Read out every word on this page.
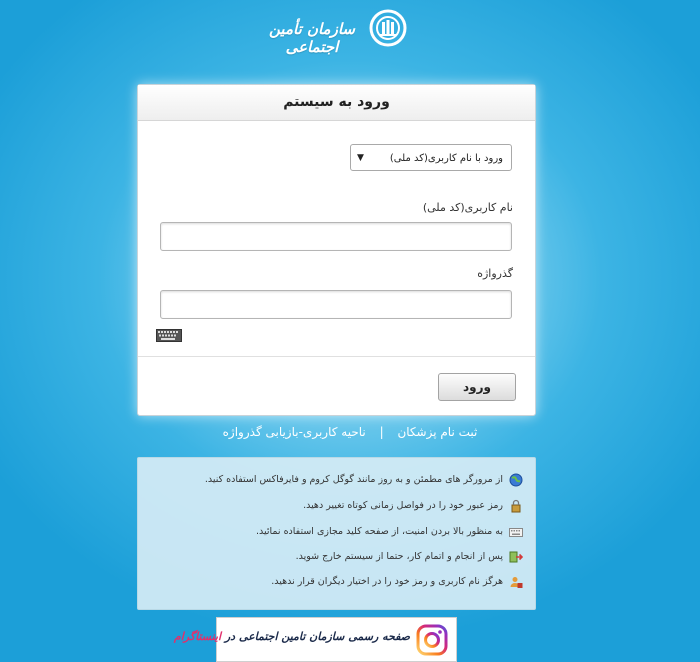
سازمان تأمین اجتماعی
ورود به سیستم
ورود با نام کاربری(کد ملی)
▼
نام کاربری(کد ملی)
گذرواژه
ورود
ثبت نام پزشکان | ناحیه کاربری-بازیابی گذرواژه
از مرورگر های مطمئن و به روز مانند گوگل کروم و فایرفاکس استفاده کنید.
رمز عبور خود را در فواصل زمانی کوتاه تغییر دهید.
به منظور بالا بردن امنیت، از صفحه کلید مجازی استفاده نمائید.
پس از انجام و اتمام کار، حتما از سیستم خارج شوید.
هرگز نام کاربری و رمز خود را در اختیار دیگران قرار ندهید.
صفحه رسمی سازمان تامین اجتماعی در اینستاگرام
